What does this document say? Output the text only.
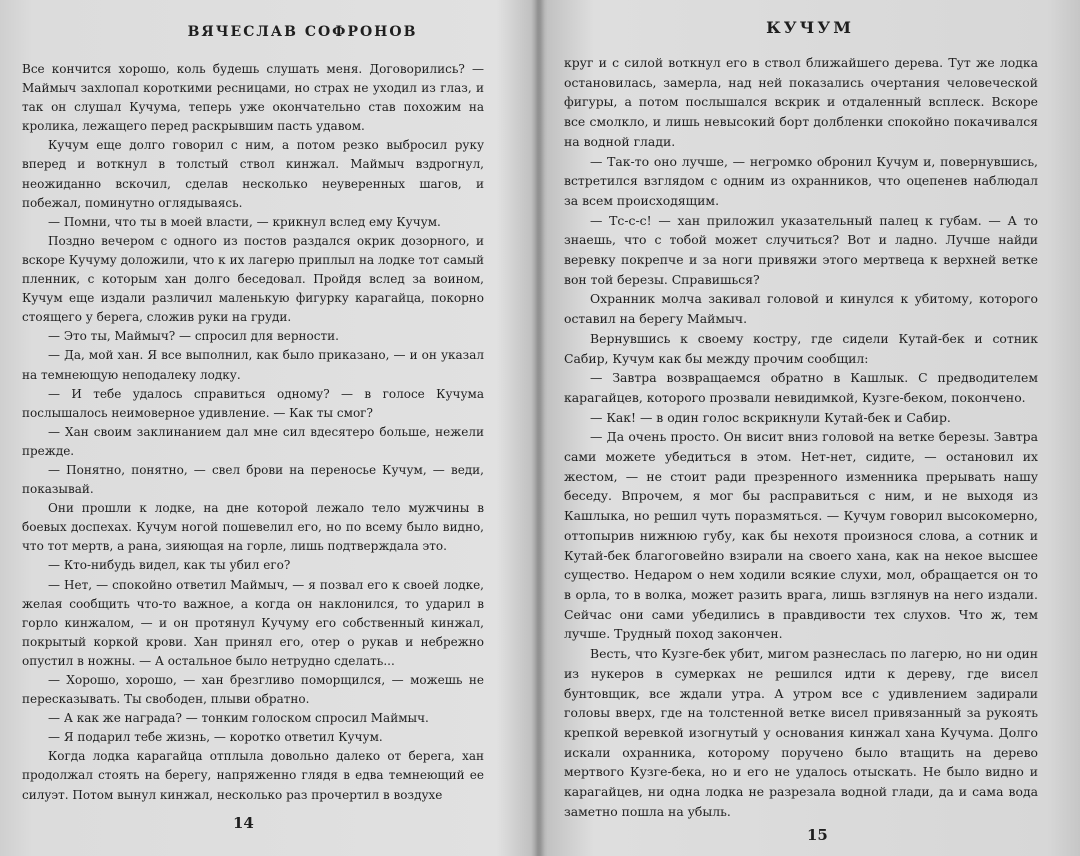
ВЯЧЕСЛАВ СОФРОНОВ

Все кончится хорошо, коль будешь слушать меня. Договорились? — Маймыч захлопал короткими ресницами, но страх не уходил из глаз, и так он слушал Кучума, теперь уже окончательно став похожим на кролика, лежащего перед раскрывшим пасть удавом.

Кучум еще долго говорил с ним, а потом резко выбросил руку вперед и воткнул в толстый ствол кинжал. Маймыч вздрогнул, неожиданно вскочил, сделав несколько неуверенных шагов, и побежал, поминутно оглядываясь.

— Помни, что ты в моей власти, — крикнул вслед ему Кучум.

Поздно вечером с одного из постов раздался окрик дозорного, и вскоре Кучуму доложили, что к их лагерю приплыл на лодке тот самый пленник, с которым хан долго беседовал. Пройдя вслед за воином, Кучум еще издали различил маленькую фигурку карагайца, покорно стоящего у берега, сложив руки на груди.

— Это ты, Маймыч? — спросил для верности.

— Да, мой хан. Я все выполнил, как было приказано, — и он указал на темнеющую неподалеку лодку.

— И тебе удалось справиться одному? — в голосе Кучума послышалось неимоверное удивление. — Как ты смог?

— Хан своим заклинанием дал мне сил вдесятеро больше, нежели прежде.

— Понятно, понятно, — свел брови на переносье Кучум, — веди, показывай.

Они прошли к лодке, на дне которой лежало тело мужчины в боевых доспехах. Кучум ногой пошевелил его, но по всему было видно, что тот мертв, а рана, зияющая на горле, лишь подтверждала это.

— Кто-нибудь видел, как ты убил его?

— Нет, — спокойно ответил Маймыч, — я позвал его к своей лодке, желая сообщить что-то важное, а когда он наклонился, то ударил в горло кинжалом, — и он протянул Кучуму его собственный кинжал, покрытый коркой крови. Хан принял его, отер о рукав и небрежно опустил в ножны. — А остальное было нетрудно сделать...

— Хорошо, хорошо, — хан брезгливо поморщился, — можешь не пересказывать. Ты свободен, плыви обратно.

— А как же награда? — тонким голоском спросил Маймыч.

— Я подарил тебе жизнь, — коротко ответил Кучум.

Когда лодка карагайца отплыла довольно далеко от берега, хан продолжал стоять на берегу, напряженно глядя в едва темнеющий ее силуэт. Потом вынул кинжал, несколько раз прочертил в воздухе

14
КУЧУМ

круг и с силой воткнул его в ствол ближайшего дерева. Тут же лодка остановилась, замерла, над ней показались очертания человеческой фигуры, а потом послышался вскрик и отдаленный всплеск. Вскоре все смолкло, и лишь невысокий борт долбленки спокойно покачивался на водной глади.

— Так-то оно лучше, — негромко обронил Кучум и, повернувшись, встретился взглядом с одним из охранников, что оцепенев наблюдал за всем происходящим.

— Тс-с-с! — хан приложил указательный палец к губам. — А то знаешь, что с тобой может случиться? Вот и ладно. Лучше найди веревку покрепче и за ноги привяжи этого мертвеца к верхней ветке вон той березы. Справишься?

Охранник молча закивал головой и кинулся к убитому, которого оставил на берегу Маймыч.

Вернувшись к своему костру, где сидели Кутай-бек и сотник Сабир, Кучум как бы между прочим сообщил:

— Завтра возвращаемся обратно в Кашлык. С предводителем карагайцев, которого прозвали невидимкой, Кузге-беком, покончено.

— Как! — в один голос вскрикнули Кутай-бек и Сабир.

— Да очень просто. Он висит вниз головой на ветке березы. Завтра сами можете убедиться в этом. Нет-нет, сидите, — остановил их жестом, — не стоит ради презренного изменника прерывать нашу беседу. Впрочем, я мог бы расправиться с ним, и не выходя из Кашлыка, но решил чуть поразмяться. — Кучум говорил высокомерно, оттопырив нижнюю губу, как бы нехотя произнося слова, а сотник и Кутай-бек благоговейно взирали на своего хана, как на некое высшее существо. Недаром о нем ходили всякие слухи, мол, обращается он то в орла, то в волка, может разить врага, лишь взглянув на него издали. Сейчас они сами убедились в правдивости тех слухов. Что ж, тем лучше. Трудный поход закончен.

Весть, что Кузге-бек убит, мигом разнеслась по лагерю, но ни один из нукеров в сумерках не решился идти к дереву, где висел бунтовщик, все ждали утра. А утром все с удивлением задирали головы вверх, где на толстенной ветке висел привязанный за рукоять крепкой веревкой изогнутый у основания кинжал хана Кучума. Долго искали охранника, которому поручено было втащить на дерево мертвого Кузге-бека, но и его не удалось отыскать. Не было видно и карагайцев, ни одна лодка не разрезала водной глади, да и сама вода заметно пошла на убыль.

15
